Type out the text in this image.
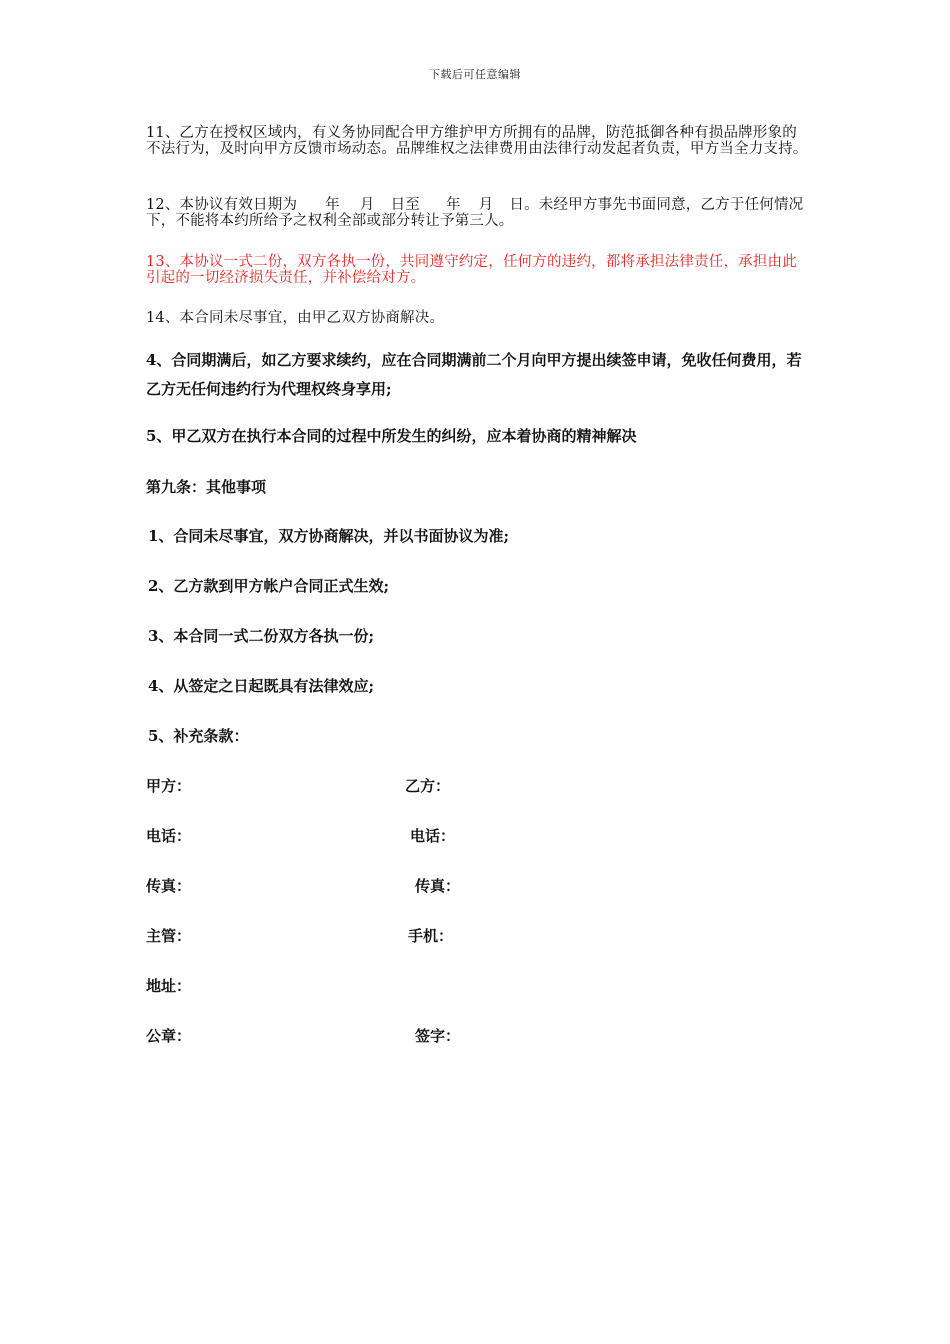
下载后可任意编辑
11、乙方在授权区域内，有义务协同配合甲方维护甲方所拥有的品牌，防范抵御各种有损品牌形象的不法行为，及时向甲方反馈市场动态。品牌维权之法律费用由法律行动发起者负责，甲方当全力支持。
12、本协议有效日期为 年 月 日至 年 月 日。未经甲方事先书面同意，乙方于任何情况下，不能将本约所给予之权利全部或部分转让予第三人。
13、本协议一式二份，双方各执一份，共同遵守约定，任何方的违约，都将承担法律责任，承担由此引起的一切经济损失责任，并补偿给对方。
14、本合同未尽事宜，由甲乙双方协商解决。
4、合同期满后，如乙方要求续约，应在合同期满前二个月向甲方提出续签申请，免收任何费用，若乙方无任何违约行为代理权终身享用;
5、甲乙双方在执行本合同的过程中所发生的纠纷，应本着协商的精神解决
第九条：其他事项
1、合同未尽事宜，双方协商解决，并以书面协议为准;
2、乙方款到甲方帐户合同正式生效;
3、本合同一式二份双方各执一份;
4、从签定之日起既具有法律效应;
5、补充条款：
甲方：	乙方：
电话：	电话：
传真：	传真：
主管：	手机：
地址：
公章：	签字：
